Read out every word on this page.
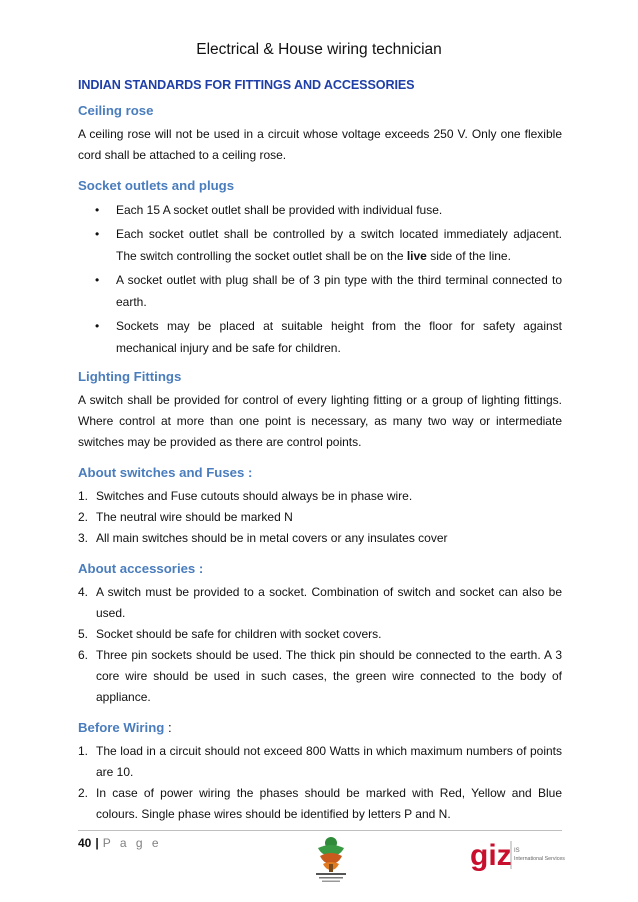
Electrical & House wiring technician
INDIAN STANDARDS FOR FITTINGS AND ACCESSORIES
Ceiling rose

A ceiling rose will not be used in a circuit whose voltage exceeds 250 V. Only one flexible cord shall be attached to a ceiling rose.

Socket outlets and plugs
• Each 15 A socket outlet shall be provided with individual fuse.
• Each socket outlet shall be controlled by a switch located immediately adjacent. The switch controlling the socket outlet shall be on the live side of the line.
• A socket outlet with plug shall be of 3 pin type with the third terminal connected to earth.
• Sockets may be placed at suitable height from the floor for safety against mechanical injury and be safe for children.
Lighting Fittings

A switch shall be provided for control of every lighting fitting or a group of lighting fittings. Where control at more than one point is necessary, as many two way or intermediate switches may be provided as there are control points.

About switches and Fuses :
1. Switches and Fuse cutouts should always be in phase wire.
2. The neutral wire should be marked N
3. All main switches should be in metal covers or any insulates cover
About accessories :
4. A switch must be provided to a socket. Combination of switch and socket can also be used.
5. Socket should be safe for children with socket covers.
6. Three pin sockets should be used. The thick pin should be connected to the earth. A 3 core wire should be used in such cases, the green wire connected to the body of appliance.
Before Wiring :
1. The load in a circuit should not exceed 800 Watts in which maximum numbers of points are 10.
2. In case of power wiring the phases should be marked with Red, Yellow and Blue colours. Single phase wires should be identified by letters P and N.
40 | P a g e	giz IS
International Services
